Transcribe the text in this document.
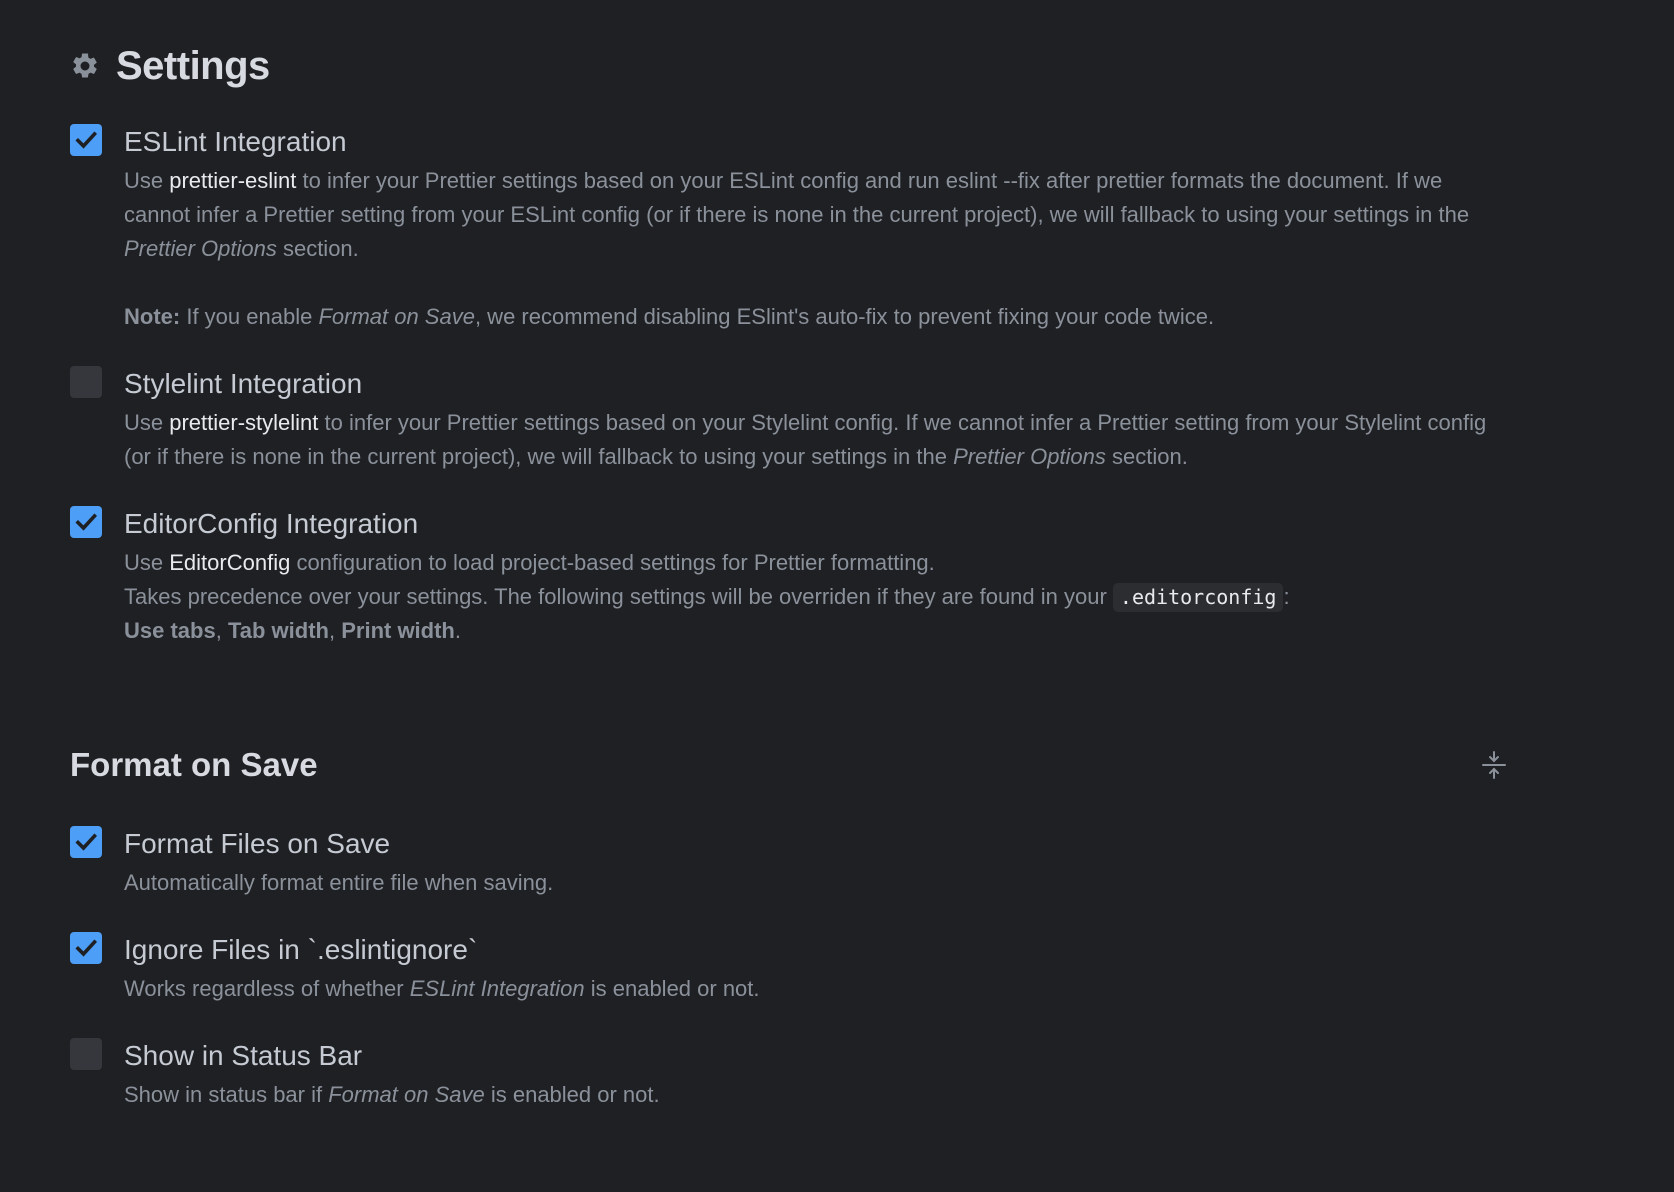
Settings
ESLint Integration
Use prettier-eslint to infer your Prettier settings based on your ESLint config and run eslint --fix after prettier formats the document. If we cannot infer a Prettier setting from your ESLint config (or if there is none in the current project), we will fallback to using your settings in the Prettier Options section.
Note: If you enable Format on Save, we recommend disabling ESlint's auto-fix to prevent fixing your code twice.
Stylelint Integration
Use prettier-stylelint to infer your Prettier settings based on your Stylelint config. If we cannot infer a Prettier setting from your Stylelint config (or if there is none in the current project), we will fallback to using your settings in the Prettier Options section.
EditorConfig Integration
Use EditorConfig configuration to load project-based settings for Prettier formatting.
Takes precedence over your settings. The following settings will be overriden if they are found in your .editorconfig :
Use tabs, Tab width, Print width.
Format on Save
Format Files on Save
Automatically format entire file when saving.
Ignore Files in `.eslintignore`
Works regardless of whether ESLint Integration is enabled or not.
Show in Status Bar
Show in status bar if Format on Save is enabled or not.
